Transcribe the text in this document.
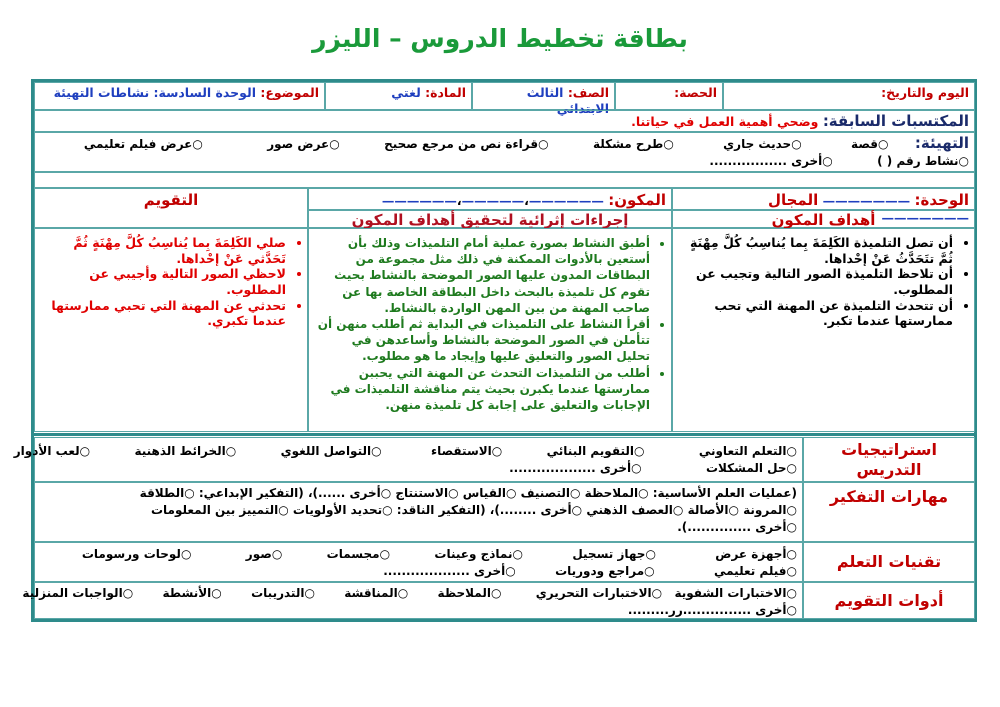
بطاقة تخطيط الدروس – الليزر
اليوم والتاريخ:
الحصة:
الصف: الثالث الابتدائي
المادة: لغتي
الموضوع: الوحدة السادسة: نشاطات التهيئة
المكتسبات السابقة: وضحي أهمية العمل في حياتنا.
التهيئة: ○قصة ○حديث جاري ○طرح مشكلة ○قراءة نص من مرجع صحيح ○عرض صور ○عرض فيلم تعليمي
○نشاط رقم ( ) ○أخرى .................
الوحدة: ——————— المجال ———————
المكون: ——————،—————،——————
التقويم
أهداف المكون
إجراءات إثرائية لتحقيق أهداف المكون
• أن تصل التلميذة الكَلِمَةَ بِما يُناسِبُ كُلَّ مِهْنَةٍ ثُمَّ تتَحَدَّثُ عَنْ إحْداها.
• أن تلاحظ التلميذة الصور التالية وتجيب عن المطلوب.
• أن تتحدث التلميذة عن المهنة التي تحب ممارستها عندما تكبر.
• أطبق النشاط بصورة عملية أمام التلميذات وذلك بأن أستعين بالأدوات الممكنة في ذلك مثل مجموعة من البطاقات المدون عليها الصور الموضحة بالنشاط بحيث تقوم كل تلميذة بالبحث داخل البطاقة الخاصة بها عن صاحب المهنة من بين المهن الواردة بالنشاط.
• أقرأ النشاط على التلميذات في البداية ثم أطلب منهن أن تتأملن في الصور الموضحة بالنشاط وأساعدهن في تحليل الصور والتعليق عليها وإيجاد ما هو مطلوب.
• أطلب من التلميذات التحدث عن المهنة التي يحببن ممارستها عندما يكبرن بحيث يتم مناقشة التلميذات في الإجابات والتعليق على إجابة كل تلميذة منهن.
• صلي الكَلِمَةَ بِما يُناسِبُ كُلَّ مِهْنَةٍ ثُمَّ تَحَدَّثي عَنْ إحْداها.
• لاحظي الصور التالية وأجيبي عن المطلوب.
• تحدثي عن المهنة التي تحبي ممارستها عندما تكبري.
استراتيجيات التدريس
○التعلم التعاوني ○التقويم البنائي ○الاستقصاء ○التواصل اللغوي ○الخرائط الذهنية ○لعب الأدوار
○حل المشكلات ○أخرى ...................
مهارات التفكير
(عمليات العلم الأساسية: ○الملاحظة ○التصنيف ○القياس ○الاستنتاج ○أخرى ......)، (التفكير الإبداعي: ○الطلاقة
○المرونة ○الأصالة ○العصف الذهني ○أخرى ........)، (التفكير الناقد: ○تحديد الأولويات ○التمييز بين المعلومات
○أخرى ..............).
تقنيات التعلم
○أجهزة عرض ○جهاز تسجيل ○نماذج وعينات ○مجسمات ○صور ○لوحات ورسومات
○فيلم تعليمي ○مراجع ودوريات ○أخرى ...................
أدوات التقويم
○الاختبارات الشفوية ○الاختبارات التحريري ○الملاحظة ○المناقشة ○التدريبات ○الأنشطة ○الواجبات المنزلية
○أخرى ...............رر.........
